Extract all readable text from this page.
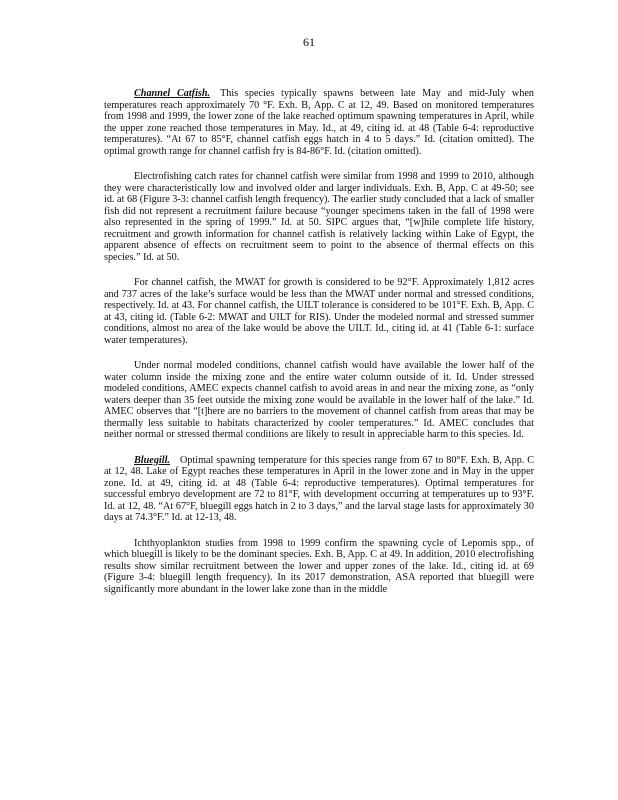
61

Channel Catfish. This species typically spawns between late May and mid-July when temperatures reach approximately 70 °F. Exh. B, App. C at 12, 49. Based on monitored temperatures from 1998 and 1999, the lower zone of the lake reached optimum spawning temperatures in April, while the upper zone reached those temperatures in May. Id., at 49, citing id. at 48 (Table 6-4: reproductive temperatures). “At 67 to 85°F, channel catfish eggs hatch in 4 to 5 days.” Id. (citation omitted). The optimal growth range for channel catfish fry is 84-86°F. Id. (citation omitted).

Electrofishing catch rates for channel catfish were similar from 1998 and 1999 to 2010, although they were characteristically low and involved older and larger individuals. Exh. B, App. C at 49-50; see id. at 68 (Figure 3-3: channel catfish length frequency). The earlier study concluded that a lack of smaller fish did not represent a recruitment failure because “younger specimens taken in the fall of 1998 were also represented in the spring of 1999.” Id. at 50. SIPC argues that, “[w]hile complete life history, recruitment and growth information for channel catfish is relatively lacking within Lake of Egypt, the apparent absence of effects on recruitment seem to point to the absence of thermal effects on this species.” Id. at 50.

For channel catfish, the MWAT for growth is considered to be 92°F. Approximately 1,812 acres and 737 acres of the lake’s surface would be less than the MWAT under normal and stressed conditions, respectively. Id. at 43. For channel catfish, the UILT tolerance is considered to be 101°F. Exh. B, App. C at 43, citing id. (Table 6-2: MWAT and UILT for RIS). Under the modeled normal and stressed summer conditions, almost no area of the lake would be above the UILT. Id., citing id. at 41 (Table 6-1: surface water temperatures).

Under normal modeled conditions, channel catfish would have available the lower half of the water column inside the mixing zone and the entire water column outside of it. Id. Under stressed modeled conditions, AMEC expects channel catfish to avoid areas in and near the mixing zone, as “only waters deeper than 35 feet outside the mixing zone would be available in the lower half of the lake.” Id. AMEC observes that “[t]here are no barriers to the movement of channel catfish from areas that may be thermally less suitable to habitats characterized by cooler temperatures.” Id. AMEC concludes that neither normal or stressed thermal conditions are likely to result in appreciable harm to this species. Id.

Bluegill. Optimal spawning temperature for this species range from 67 to 80°F. Exh. B, App. C at 12, 48. Lake of Egypt reaches these temperatures in April in the lower zone and in May in the upper zone. Id. at 49, citing id. at 48 (Table 6-4: reproductive temperatures). Optimal temperatures for successful embryo development are 72 to 81°F, with development occurring at temperatures up to 93°F. Id. at 12, 48. “At 67°F, bluegill eggs hatch in 2 to 3 days,” and the larval stage lasts for approximately 30 days at 74.3°F.” Id. at 12-13, 48.

Ichthyoplankton studies from 1998 to 1999 confirm the spawning cycle of Lepomis spp., of which bluegill is likely to be the dominant species. Exh. B, App. C at 49. In addition, 2010 electrofishing results show similar recruitment between the lower and upper zones of the lake. Id., citing id. at 69 (Figure 3-4: bluegill length frequency). In its 2017 demonstration, ASA reported that bluegill were significantly more abundant in the lower lake zone than in the middle
